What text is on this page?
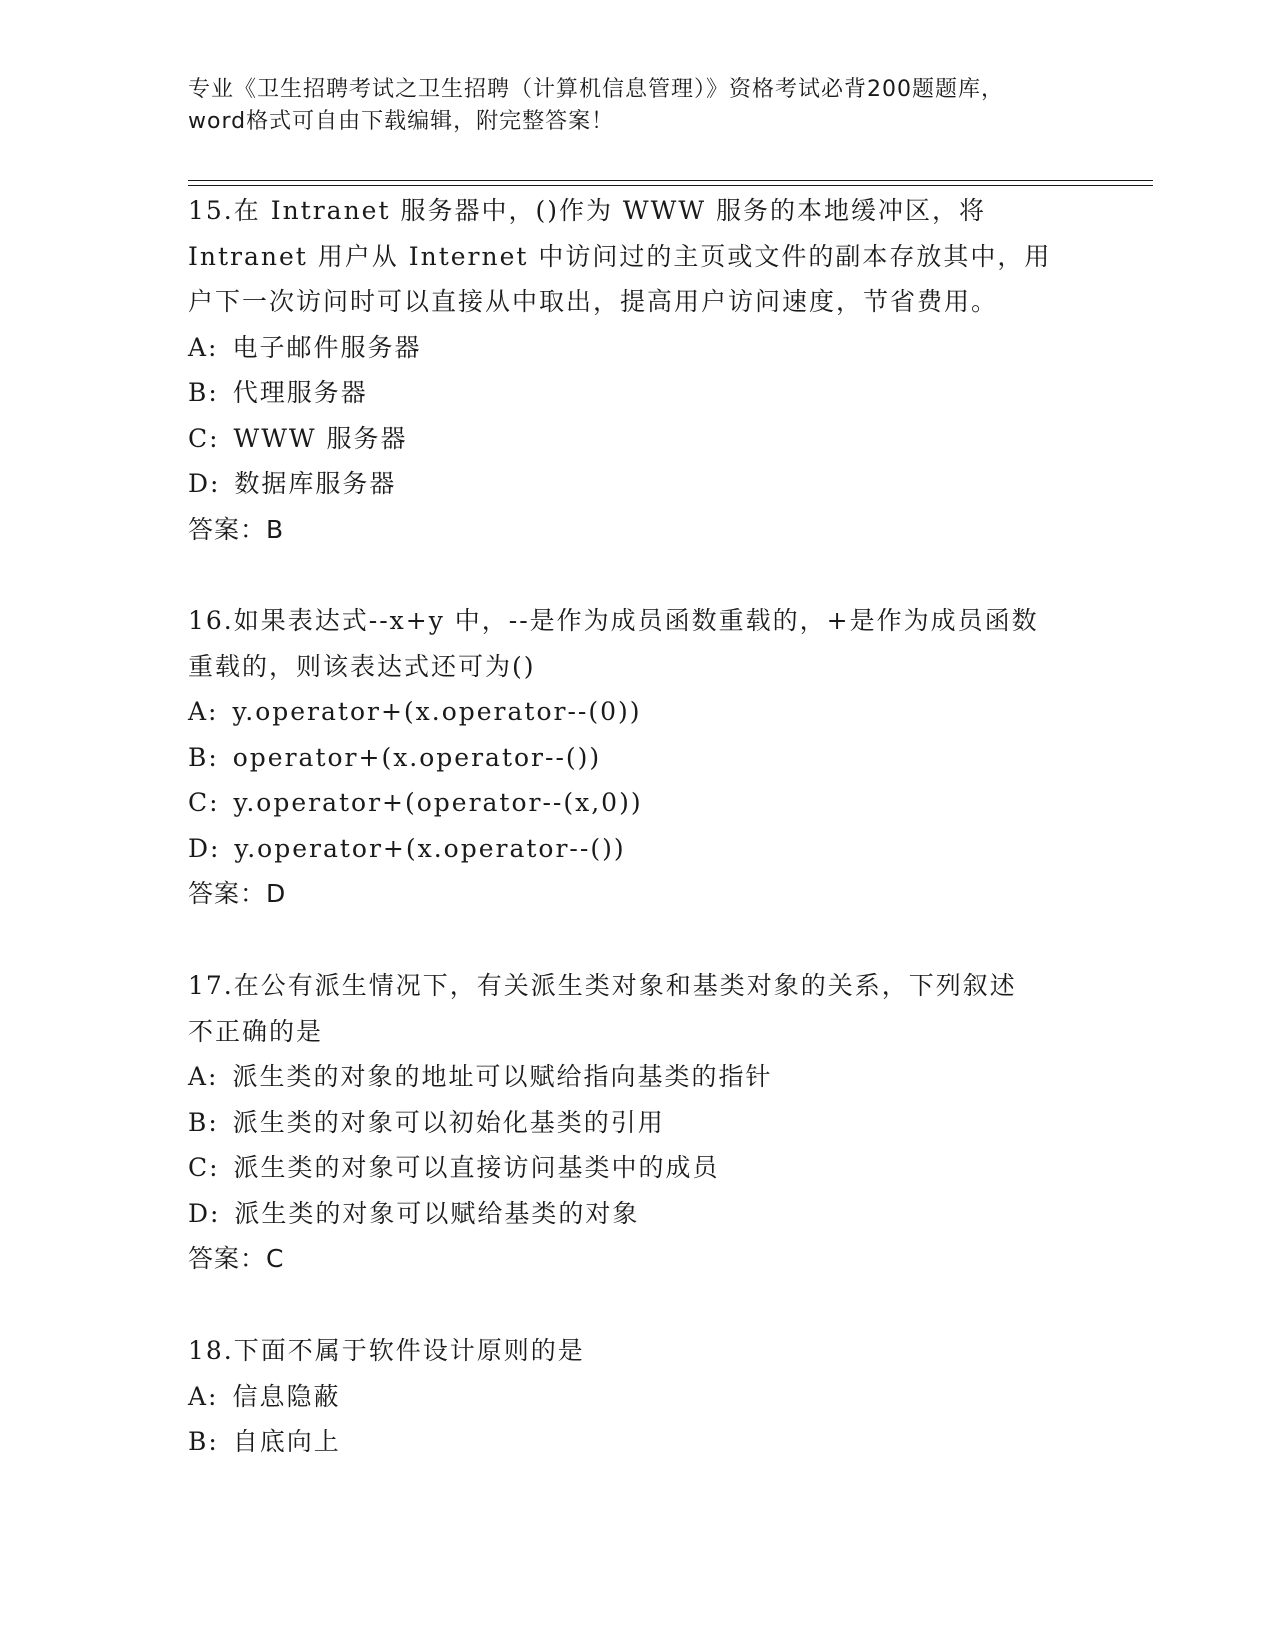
专业《卫生招聘考试之卫生招聘（计算机信息管理）》资格考试必背200题题库，
word格式可自由下载编辑，附完整答案！
15.在 Intranet 服务器中，()作为 WWW 服务的本地缓冲区，将
Intranet 用户从 Internet 中访问过的主页或文件的副本存放其中，用
户下一次访问时可以直接从中取出，提高用户访问速度，节省费用。
A: 电子邮件服务器
B: 代理服务器
C: WWW 服务器
D: 数据库服务器
答案：B
16.如果表达式--x+y 中，--是作为成员函数重载的，+是作为成员函数
重载的，则该表达式还可为()
A: y.operator+(x.operator--(0))
B: operator+(x.operator--())
C: y.operator+(operator--(x,0))
D: y.operator+(x.operator--())
答案：D
17.在公有派生情况下，有关派生类对象和基类对象的关系，下列叙述
不正确的是
A: 派生类的对象的地址可以赋给指向基类的指针
B: 派生类的对象可以初始化基类的引用
C: 派生类的对象可以直接访问基类中的成员
D: 派生类的对象可以赋给基类的对象
答案：C
18.下面不属于软件设计原则的是
A: 信息隐蔽
B: 自底向上
